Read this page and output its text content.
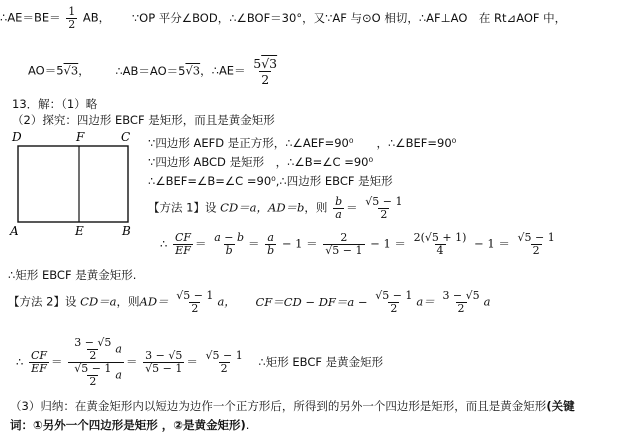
∴AE＝BE＝ $\frac{1}{2}$ AB， ∵OP 平分∠BOD，∴∠BOF＝30°，又∵AF 与⊙O 相切，∴AF⊥AO　在 Rt⊿AOF 中，
AO＝5√3， ∴AB＝AO＝5√3，∴AE＝ $\frac{5√3}{2}$
13．解：（1）略
（2）探究：四边形 EBCF 是矩形，而且是黄金矩形
D	F	C
A	E	B
∵四边形 AEFD 是正方形，∴∠AEF=90⁰　　，∴∠BEF=90⁰
∵四边形 ABCD 是矩形　，∴∠B=∠C =90⁰
∴∠BEF=∠B=∠C =90⁰,∴四边形 EBCF 是矩形
【方法 1】设 CD＝a，AD＝b，则 $\frac{b}{a} = \frac{√5 - 1}{2}$
∴ $\frac{CF}{EF} = \frac{a - b}{b} = \frac{a}{b} - 1 = \frac{2}{√5 - 1} - 1 = \frac{2(√5 + 1)}{4} - 1 = \frac{√5 - 1}{2}$
∴矩形 EBCF 是黄金矩形.
【方法 2】设 CD＝a，则$AD= \frac{√5 - 1}{2}$ a， $CF=CD - DF=a - \frac{√5 - 1}{2} a= \frac{3 - √5}{2}$ a
∴ $\frac{CF}{EF} = \frac{\frac{3 - √5}{2} a}{\frac{√5 - 1}{2} a} = \frac{3 - √5}{√5 - 1} = \frac{√5 - 1}{2}$ ∴矩形 EBCF 是黄金矩形
（3）归纳：在黄金矩形内以短边为边作一个正方形后，所得到的另外一个四边形是矩形，而且是黄金矩形(关键
词：①另外一个四边形是矩形 ，②是黄金矩形).
